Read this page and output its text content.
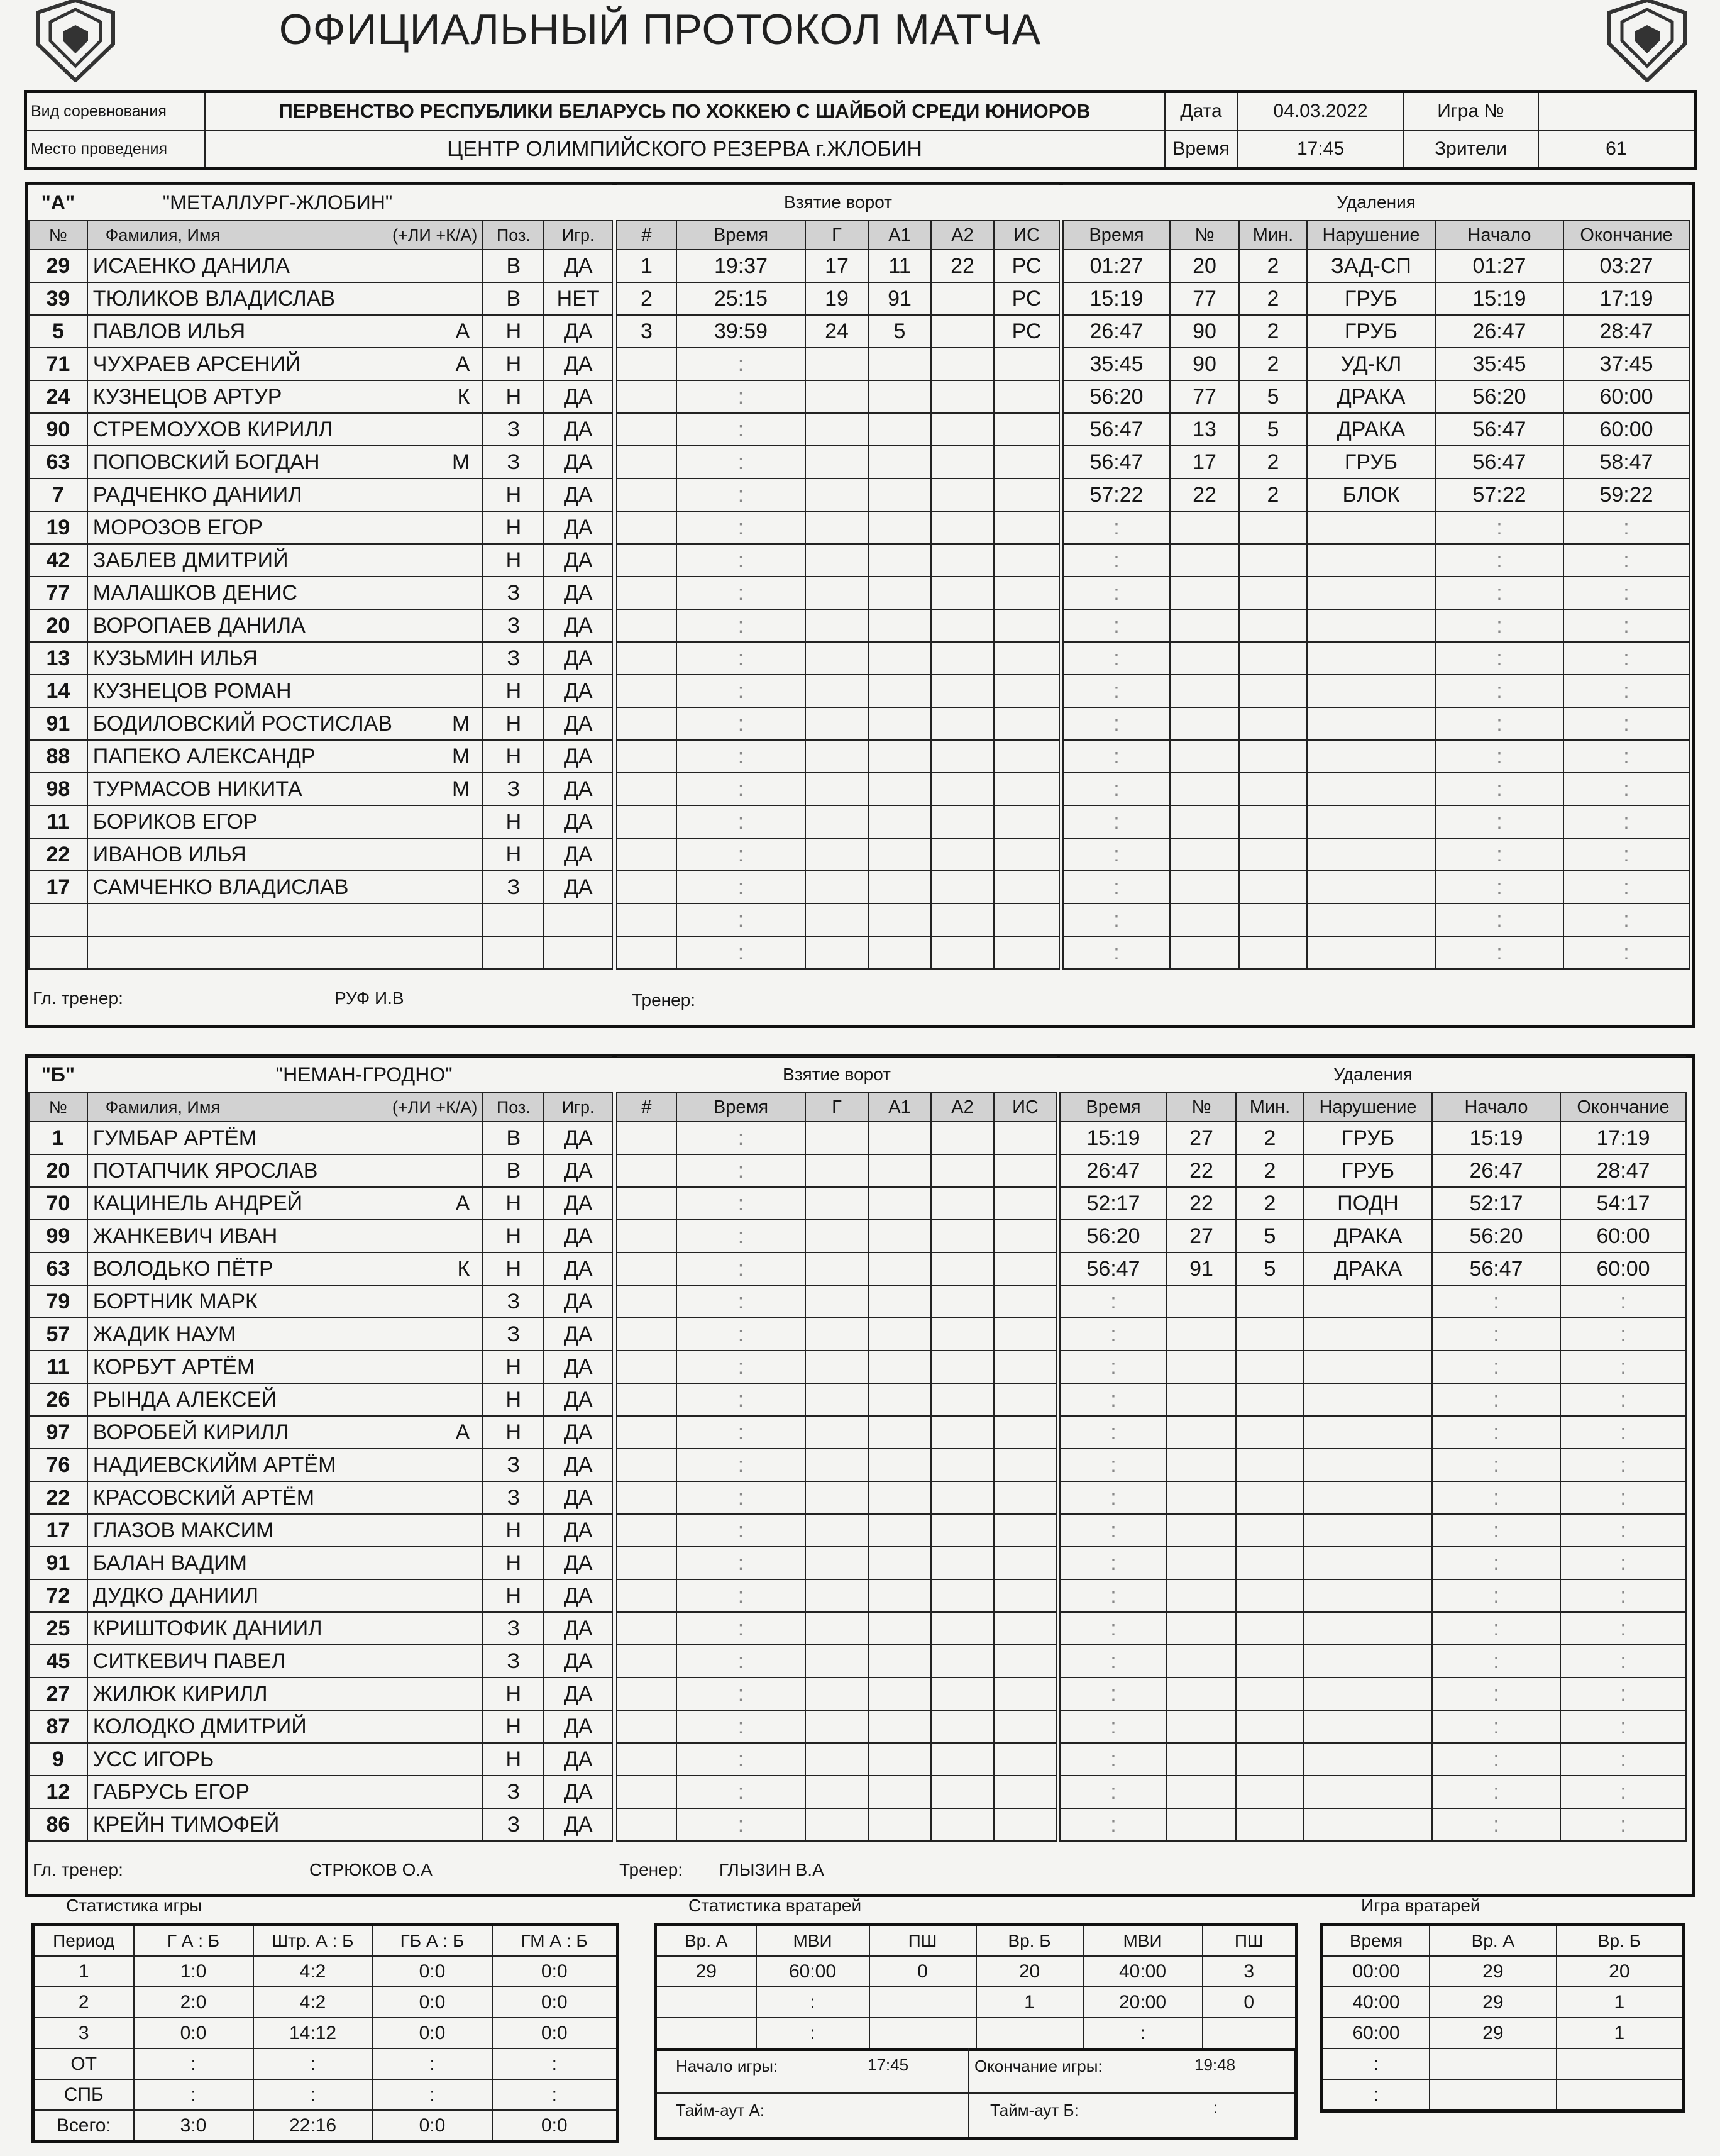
ОФИЦИАЛЬНЫЙ ПРОТОКОЛ МАТЧА
Вид соревнования	ПЕРВЕНСТВО РЕСПУБЛИКИ БЕЛАРУСЬ ПО ХОККЕЮ С ШАЙБОЙ СРЕДИ ЮНИОРОВ	Дата	04.03.2022	Игра №	
Место проведения	ЦЕНТР ОЛИМПИЙСКОГО РЕЗЕРВА г.ЖЛОБИН	Время	17:45	Зрители	61
"А"	"МЕТАЛЛУРГ-ЖЛОБИН"		
№	Фамилия, Имя (+ЛИ +К/А)	Поз.	Игр.
29	ИСАЕНКО ДАНИЛА	В	ДА
39	ТЮЛИКОВ ВЛАДИСЛАВ	В	НЕТ
5	ПАВЛОВ ИЛЬЯ А	Н	ДА
71	ЧУХРАЕВ АРСЕНИЙ А	Н	ДА
24	КУЗНЕЦОВ АРТУР К	Н	ДА
90	СТРЕМОУХОВ КИРИЛЛ	З	ДА
63	ПОПОВСКИЙ БОГДАН М	З	ДА
7	РАДЧЕНКО ДАНИИЛ	Н	ДА
19	МОРОЗОВ ЕГОР	Н	ДА
42	ЗАБЛЕВ ДМИТРИЙ	Н	ДА
77	МАЛАШКОВ ДЕНИС	З	ДА
20	ВОРОПАЕВ ДАНИЛА	З	ДА
13	КУЗЬМИН ИЛЬЯ	З	ДА
14	КУЗНЕЦОВ РОМАН	Н	ДА
91	БОДИЛОВСКИЙ РОСТИСЛАВ М	Н	ДА
88	ПАПЕКО АЛЕКСАНДР М	Н	ДА
98	ТУРМАСОВ НИКИТА М	З	ДА
11	БОРИКОВ ЕГОР	Н	ДА
22	ИВАНОВ ИЛЬЯ	Н	ДА
17	САМЧЕНКО ВЛАДИСЛАВ	З	ДА

Взятие ворот					
#	Время	Г	А1	А2	ИС
1	19:37	17	11	22	РС
2	25:15	19	91		РС
3	39:59	24	5		РС
	:				
	:				
	:				
	:				
	:				
	:				
	:				
	:				
	:				
	:				
	:				
	:				
	:				
	:				
	:				
	:				
	:				
	:				
	:				
Удаления					
Время	№	Мин.	Нарушение	Начало	Окончание
01:27	20	2	ЗАД-СП	01:27	03:27
15:19	77	2	ГРУБ	15:19	17:19
26:47	90	2	ГРУБ	26:47	28:47
35:45	90	2	УД-КЛ	35:45	37:45
56:20	77	5	ДРАКА	56:20	60:00
56:47	13	5	ДРАКА	56:47	60:00
56:47	17	2	ГРУБ	56:47	58:47
57:22	22	2	БЛОК	57:22	59:22
:				:	:
:				:	:
:				:	:
:				:	:
:				:	:
:				:	:
:				:	:
:				:	:
:				:	:
:				:	:
:				:	:
:				:	:
:				:	:
:				:	:
Гл. тренер:	РУФ И.В	Тренер:
"Б"	"НЕМАН-ГРОДНО"		
№	Фамилия, Имя (+ЛИ +К/А)	Поз.	Игр.
1	ГУМБАР АРТЁМ	В	ДА
20	ПОТАПЧИК ЯРОСЛАВ	В	ДА
70	КАЦИНЕЛЬ АНДРЕЙ А	Н	ДА
99	ЖАНКЕВИЧ ИВАН	Н	ДА
63	ВОЛОДЬКО ПЁТР К	Н	ДА
79	БОРТНИК МАРК	З	ДА
57	ЖАДИК НАУМ	З	ДА
11	КОРБУТ АРТЁМ	Н	ДА
26	РЫНДА АЛЕКСЕЙ	Н	ДА
97	ВОРОБЕЙ КИРИЛЛ А	Н	ДА
76	НАДИЕВСКИЙМ АРТЁМ	З	ДА
22	КРАСОВСКИЙ АРТЁМ	З	ДА
17	ГЛАЗОВ МАКСИМ	Н	ДА
91	БАЛАН ВАДИМ	Н	ДА
72	ДУДКО ДАНИИЛ	Н	ДА
25	КРИШТОФИК ДАНИИЛ	З	ДА
45	СИТКЕВИЧ ПАВЕЛ	З	ДА
27	ЖИЛЮК КИРИЛЛ	Н	ДА
87	КОЛОДКО ДМИТРИЙ	Н	ДА
9	УСС ИГОРЬ	Н	ДА
12	ГАБРУСЬ ЕГОР	З	ДА
86	КРЕЙН ТИМОФЕЙ	З	ДА
Взятие ворот					
#	Время	Г	А1	А2	ИС
	:				
	:				
	:				
	:				
	:				
	:				
	:				
	:				
	:				
	:				
	:				
	:				
	:				
	:				
	:				
	:				
	:				
	:				
	:				
	:				
	:				
	:				
Удаления					
Время	№	Мин.	Нарушение	Начало	Окончание
15:19	27	2	ГРУБ	15:19	17:19
26:47	22	2	ГРУБ	26:47	28:47
52:17	22	2	ПОДН	52:17	54:17
56:20	27	5	ДРАКА	56:20	60:00
56:47	91	5	ДРАКА	56:47	60:00
:				:	:
:				:	:
:				:	:
:				:	:
:				:	:
:				:	:
:				:	:
:				:	:
:				:	:
:				:	:
:				:	:
:				:	:
:				:	:
:				:	:
:				:	:
:				:	:
:				:	:
Гл. тренер:	СТРЮКОВ О.А	Тренер: ГЛЫЗИН В.А
Статистика игры
Период	Г А : Б	Штр. А : Б	ГБ А : Б	ГМ А : Б
1	1:0	4:2	0:0	0:0
2	2:0	4:2	0:0	0:0
3	0:0	14:12	0:0	0:0
ОТ	:	:	:	:
СПБ	:	:	:	:
Всего:	3:0	22:16	0:0	0:0
Статистика вратарей
Вр. А	МВИ	ПШ	Вр. Б	МВИ	ПШ
29	60:00	0	20	40:00	3
	:		1	20:00	0
	:			:	
Начало игры:	17:45	Окончание игры:	19:48
Тайм-аут А:	Тайм-аут Б:	:
Игра вратарей
Время	Вр. А	Вр. Б
00:00	29	20
40:00	29	1
60:00	29	1
:		
:		
